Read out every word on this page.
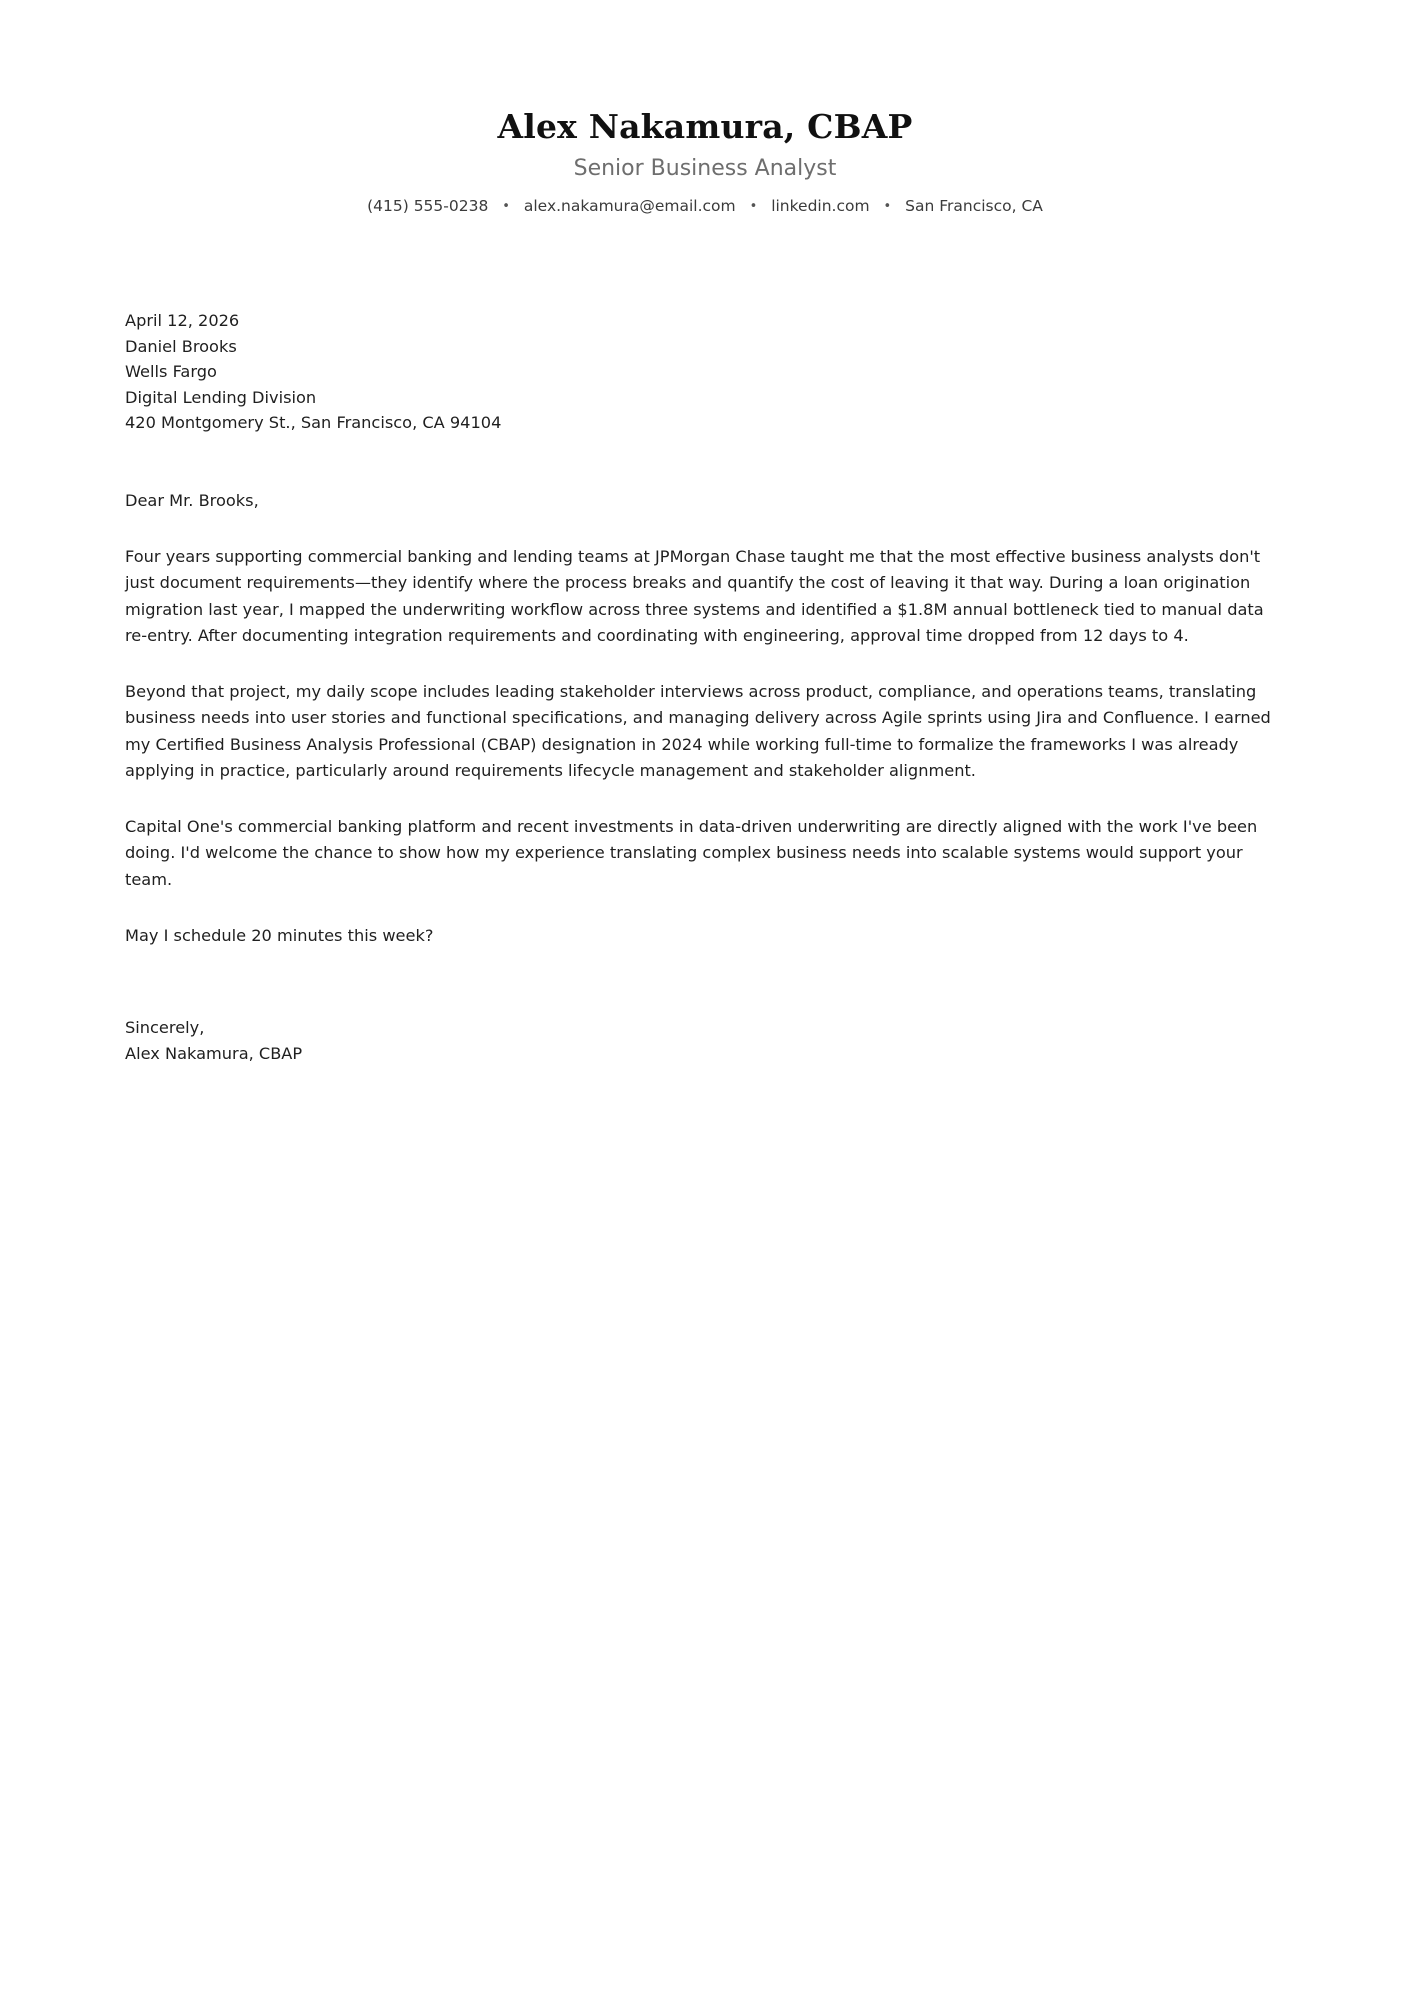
Alex Nakamura, CBAP
Senior Business Analyst
(415) 555-0238 • alex.nakamura@email.com • linkedin.com • San Francisco, CA
April 12, 2026
Daniel Brooks
Wells Fargo
Digital Lending Division
420 Montgomery St., San Francisco, CA 94104
Dear Mr. Brooks,

Four years supporting commercial banking and lending teams at JPMorgan Chase taught me that the most effective business analysts don't just document requirements—they identify where the process breaks and quantify the cost of leaving it that way. During a loan origination migration last year, I mapped the underwriting workflow across three systems and identified a $1.8M annual bottleneck tied to manual data re-entry. After documenting integration requirements and coordinating with engineering, approval time dropped from 12 days to 4.

Beyond that project, my daily scope includes leading stakeholder interviews across product, compliance, and operations teams, translating business needs into user stories and functional specifications, and managing delivery across Agile sprints using Jira and Confluence. I earned my Certified Business Analysis Professional (CBAP) designation in 2024 while working full-time to formalize the frameworks I was already applying in practice, particularly around requirements lifecycle management and stakeholder alignment.

Capital One's commercial banking platform and recent investments in data-driven underwriting are directly aligned with the work I've been doing. I'd welcome the chance to show how my experience translating complex business needs into scalable systems would support your team.

May I schedule 20 minutes this week?

Sincerely,
Alex Nakamura, CBAP
